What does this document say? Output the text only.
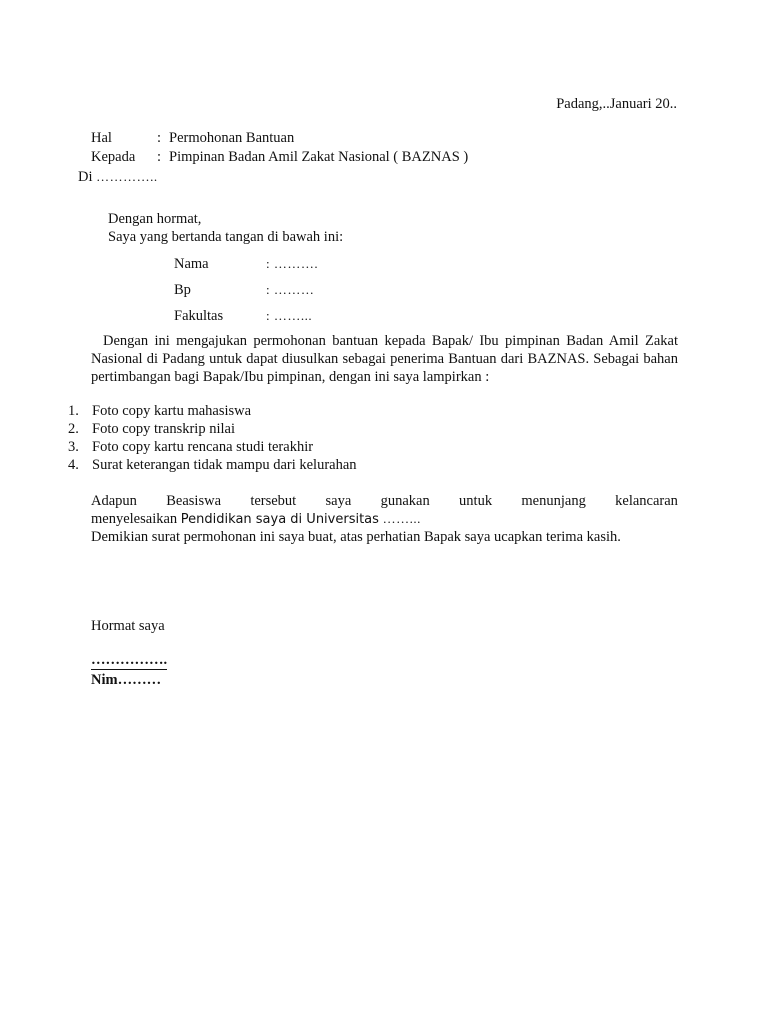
Padang,..Januari 20..
Hal	: Permohonan Bantuan
Kepada : Pimpinan Badan Amil Zakat Nasional ( BAZNAS )
Di …………..
Dengan hormat,
Saya yang bertanda tangan di bawah ini:
Nama	: ……….
Bp	: ………
Fakultas	: ……...
Dengan ini mengajukan permohonan bantuan kepada Bapak/ Ibu pimpinan Badan Amil Zakat Nasional di Padang untuk dapat diusulkan sebagai penerima Bantuan dari BAZNAS. Sebagai bahan pertimbangan bagi Bapak/Ibu pimpinan, dengan ini saya lampirkan :
1. Foto copy kartu mahasiswa
2. Foto copy transkrip nilai
3. Foto copy kartu rencana studi terakhir
4. Surat keterangan tidak mampu dari kelurahan
Adapun Beasiswa tersebut saya gunakan untuk menunjang kelancaran
menyelesaikan Pendidikan saya di Universitas ……...
Demikian surat permohonan ini saya buat, atas perhatian Bapak saya ucapkan terima kasih.
Hormat saya
…………….
Nim………
